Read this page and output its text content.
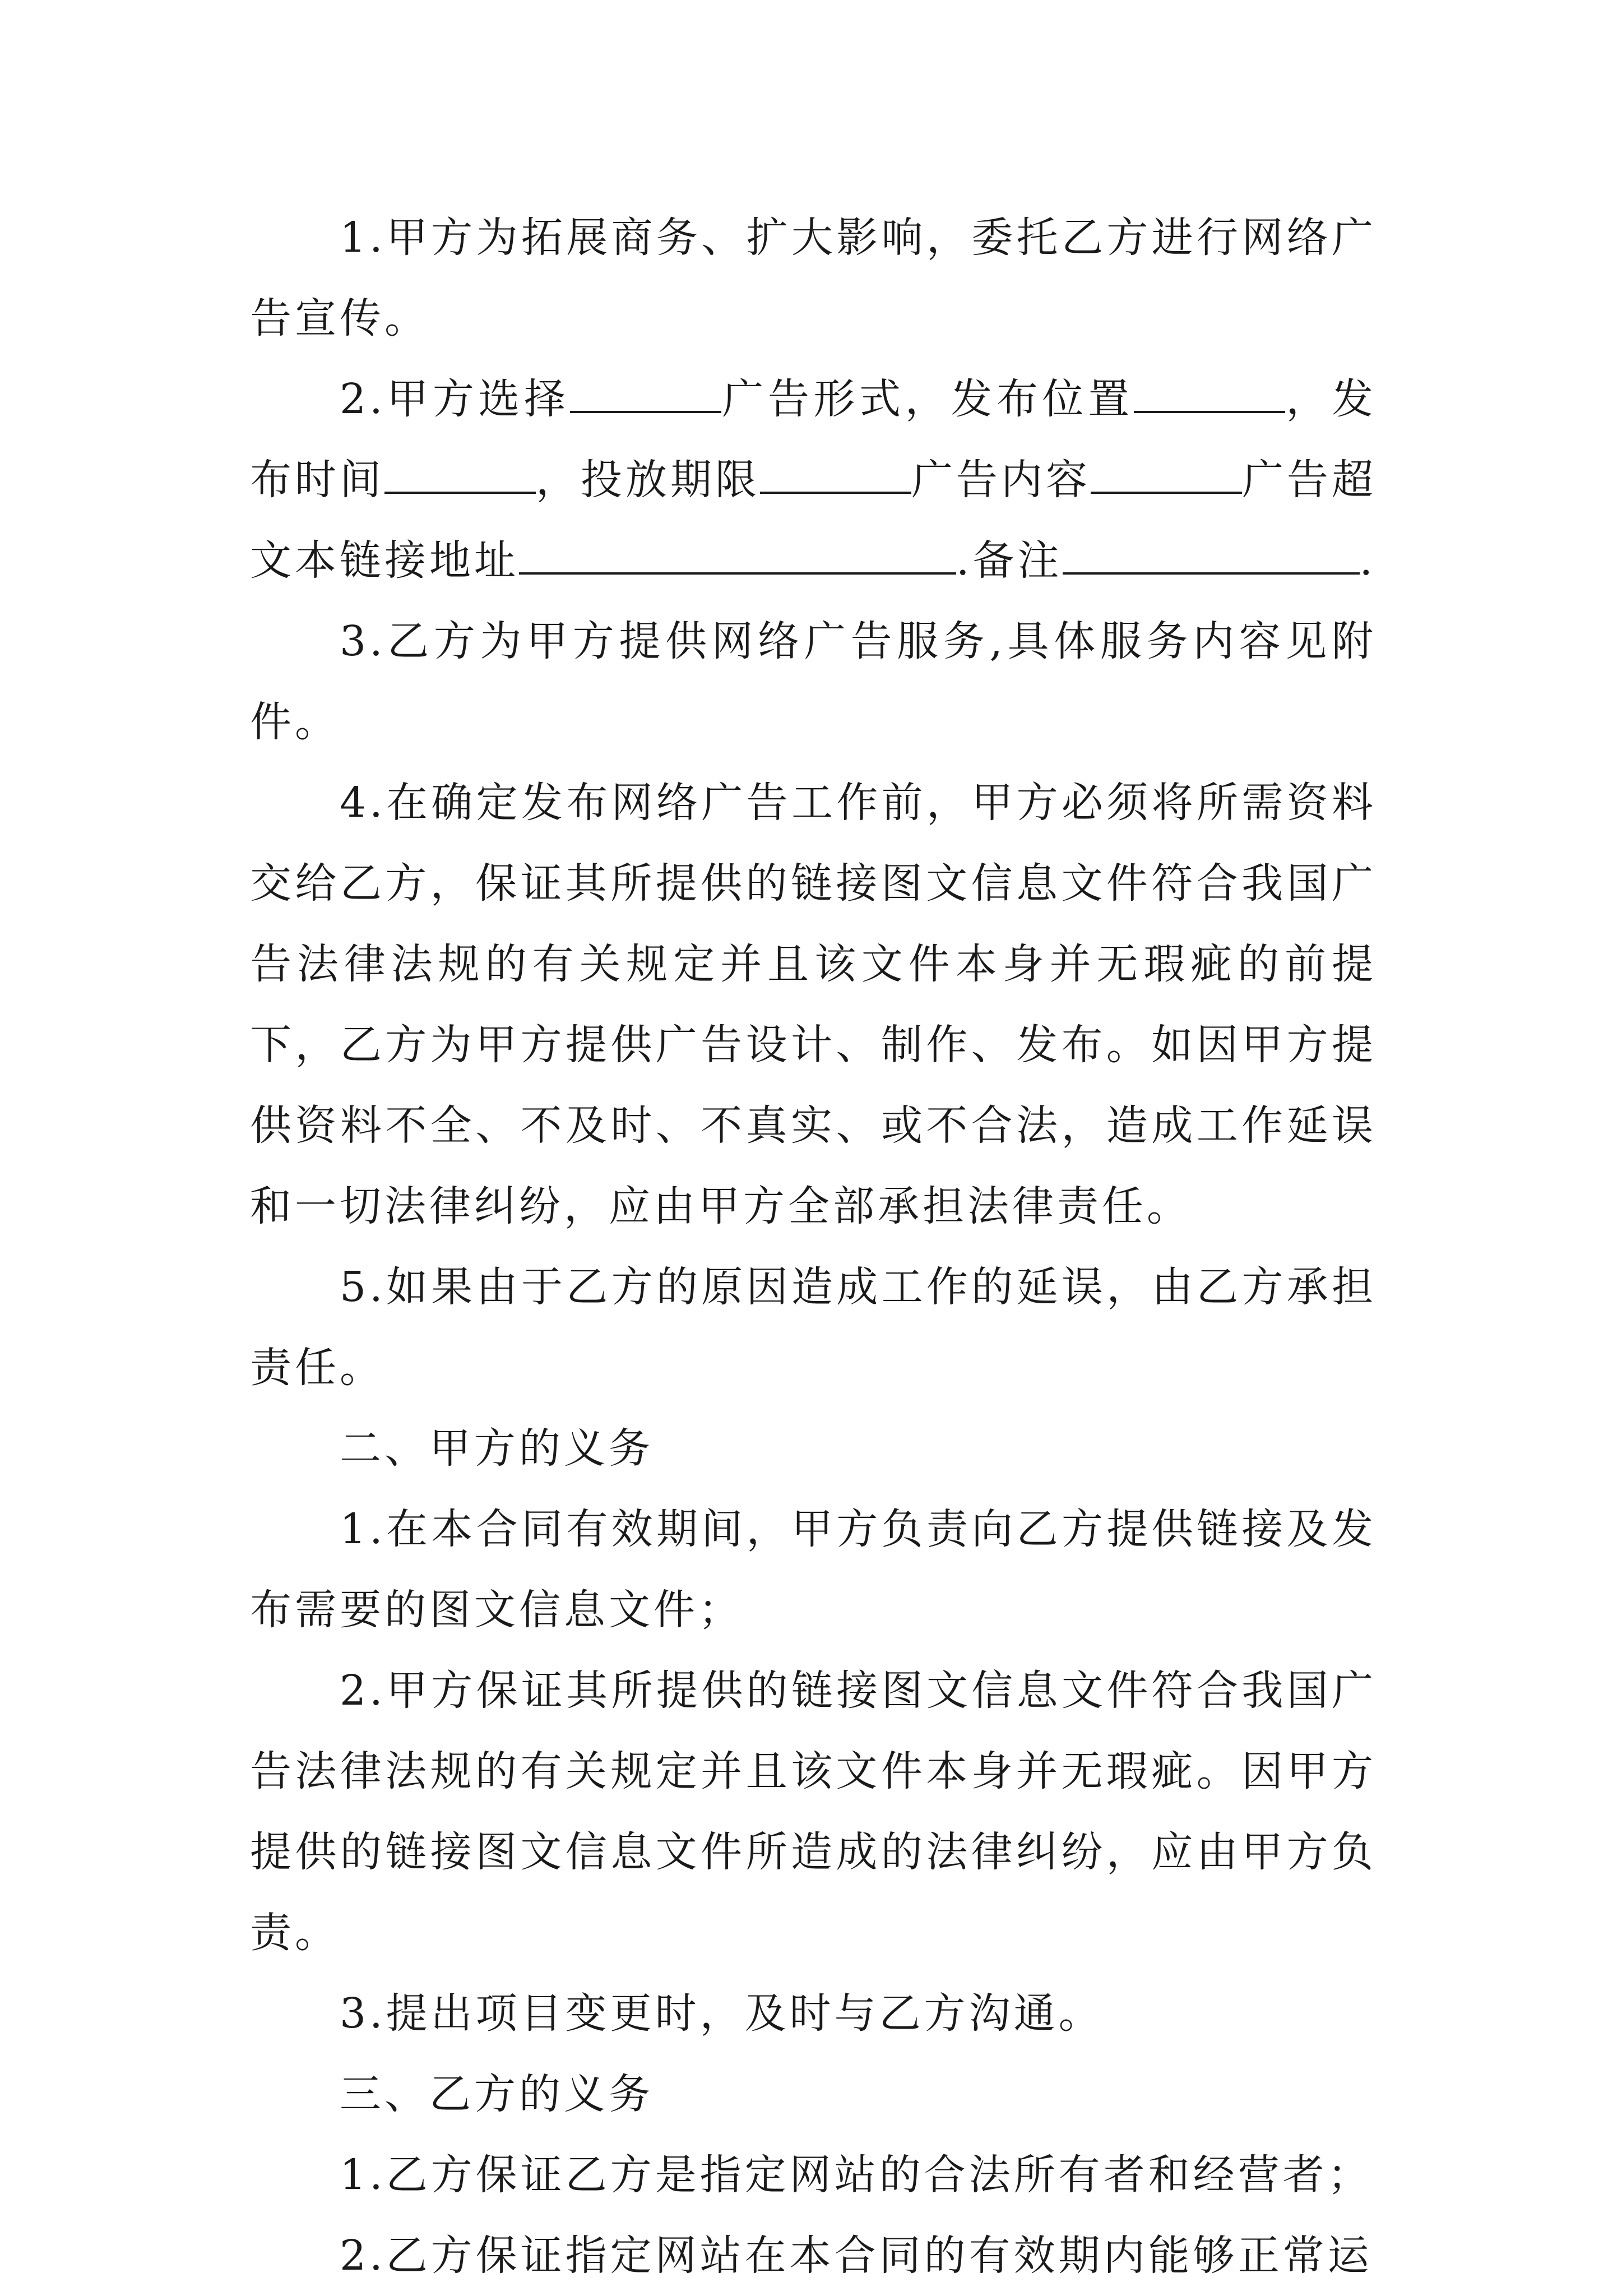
1.甲方为拓展商务、扩大影响，委托乙方进行网络广告宣传。

2.甲方选择	广告形式，发布位置	，发布时间	，投放期限	广告内容	广告超文本链接地址	.备注	.

3.乙方为甲方提供网络广告服务,具体服务内容见附件。

4.在确定发布网络广告工作前，甲方必须将所需资料交给乙方，保证其所提供的链接图文信息文件符合我国广告法律法规的有关规定并且该文件本身并无瑕疵的前提下，乙方为甲方提供广告设计、制作、发布。如因甲方提供资料不全、不及时、不真实、或不合法，造成工作延误和一切法律纠纷，应由甲方全部承担法律责任。

5.如果由于乙方的原因造成工作的延误，由乙方承担责任。

二、甲方的义务

1.在本合同有效期间，甲方负责向乙方提供链接及发布需要的图文信息文件；

2.甲方保证其所提供的链接图文信息文件符合我国广告法律法规的有关规定并且该文件本身并无瑕疵。因甲方提供的链接图文信息文件所造成的法律纠纷，应由甲方负责。

3.提出项目变更时，及时与乙方沟通。

三、乙方的义务

1.乙方保证乙方是指定网站的合法所有者和经营者；

2.乙方保证指定网站在本合同的有效期内能够正常运
